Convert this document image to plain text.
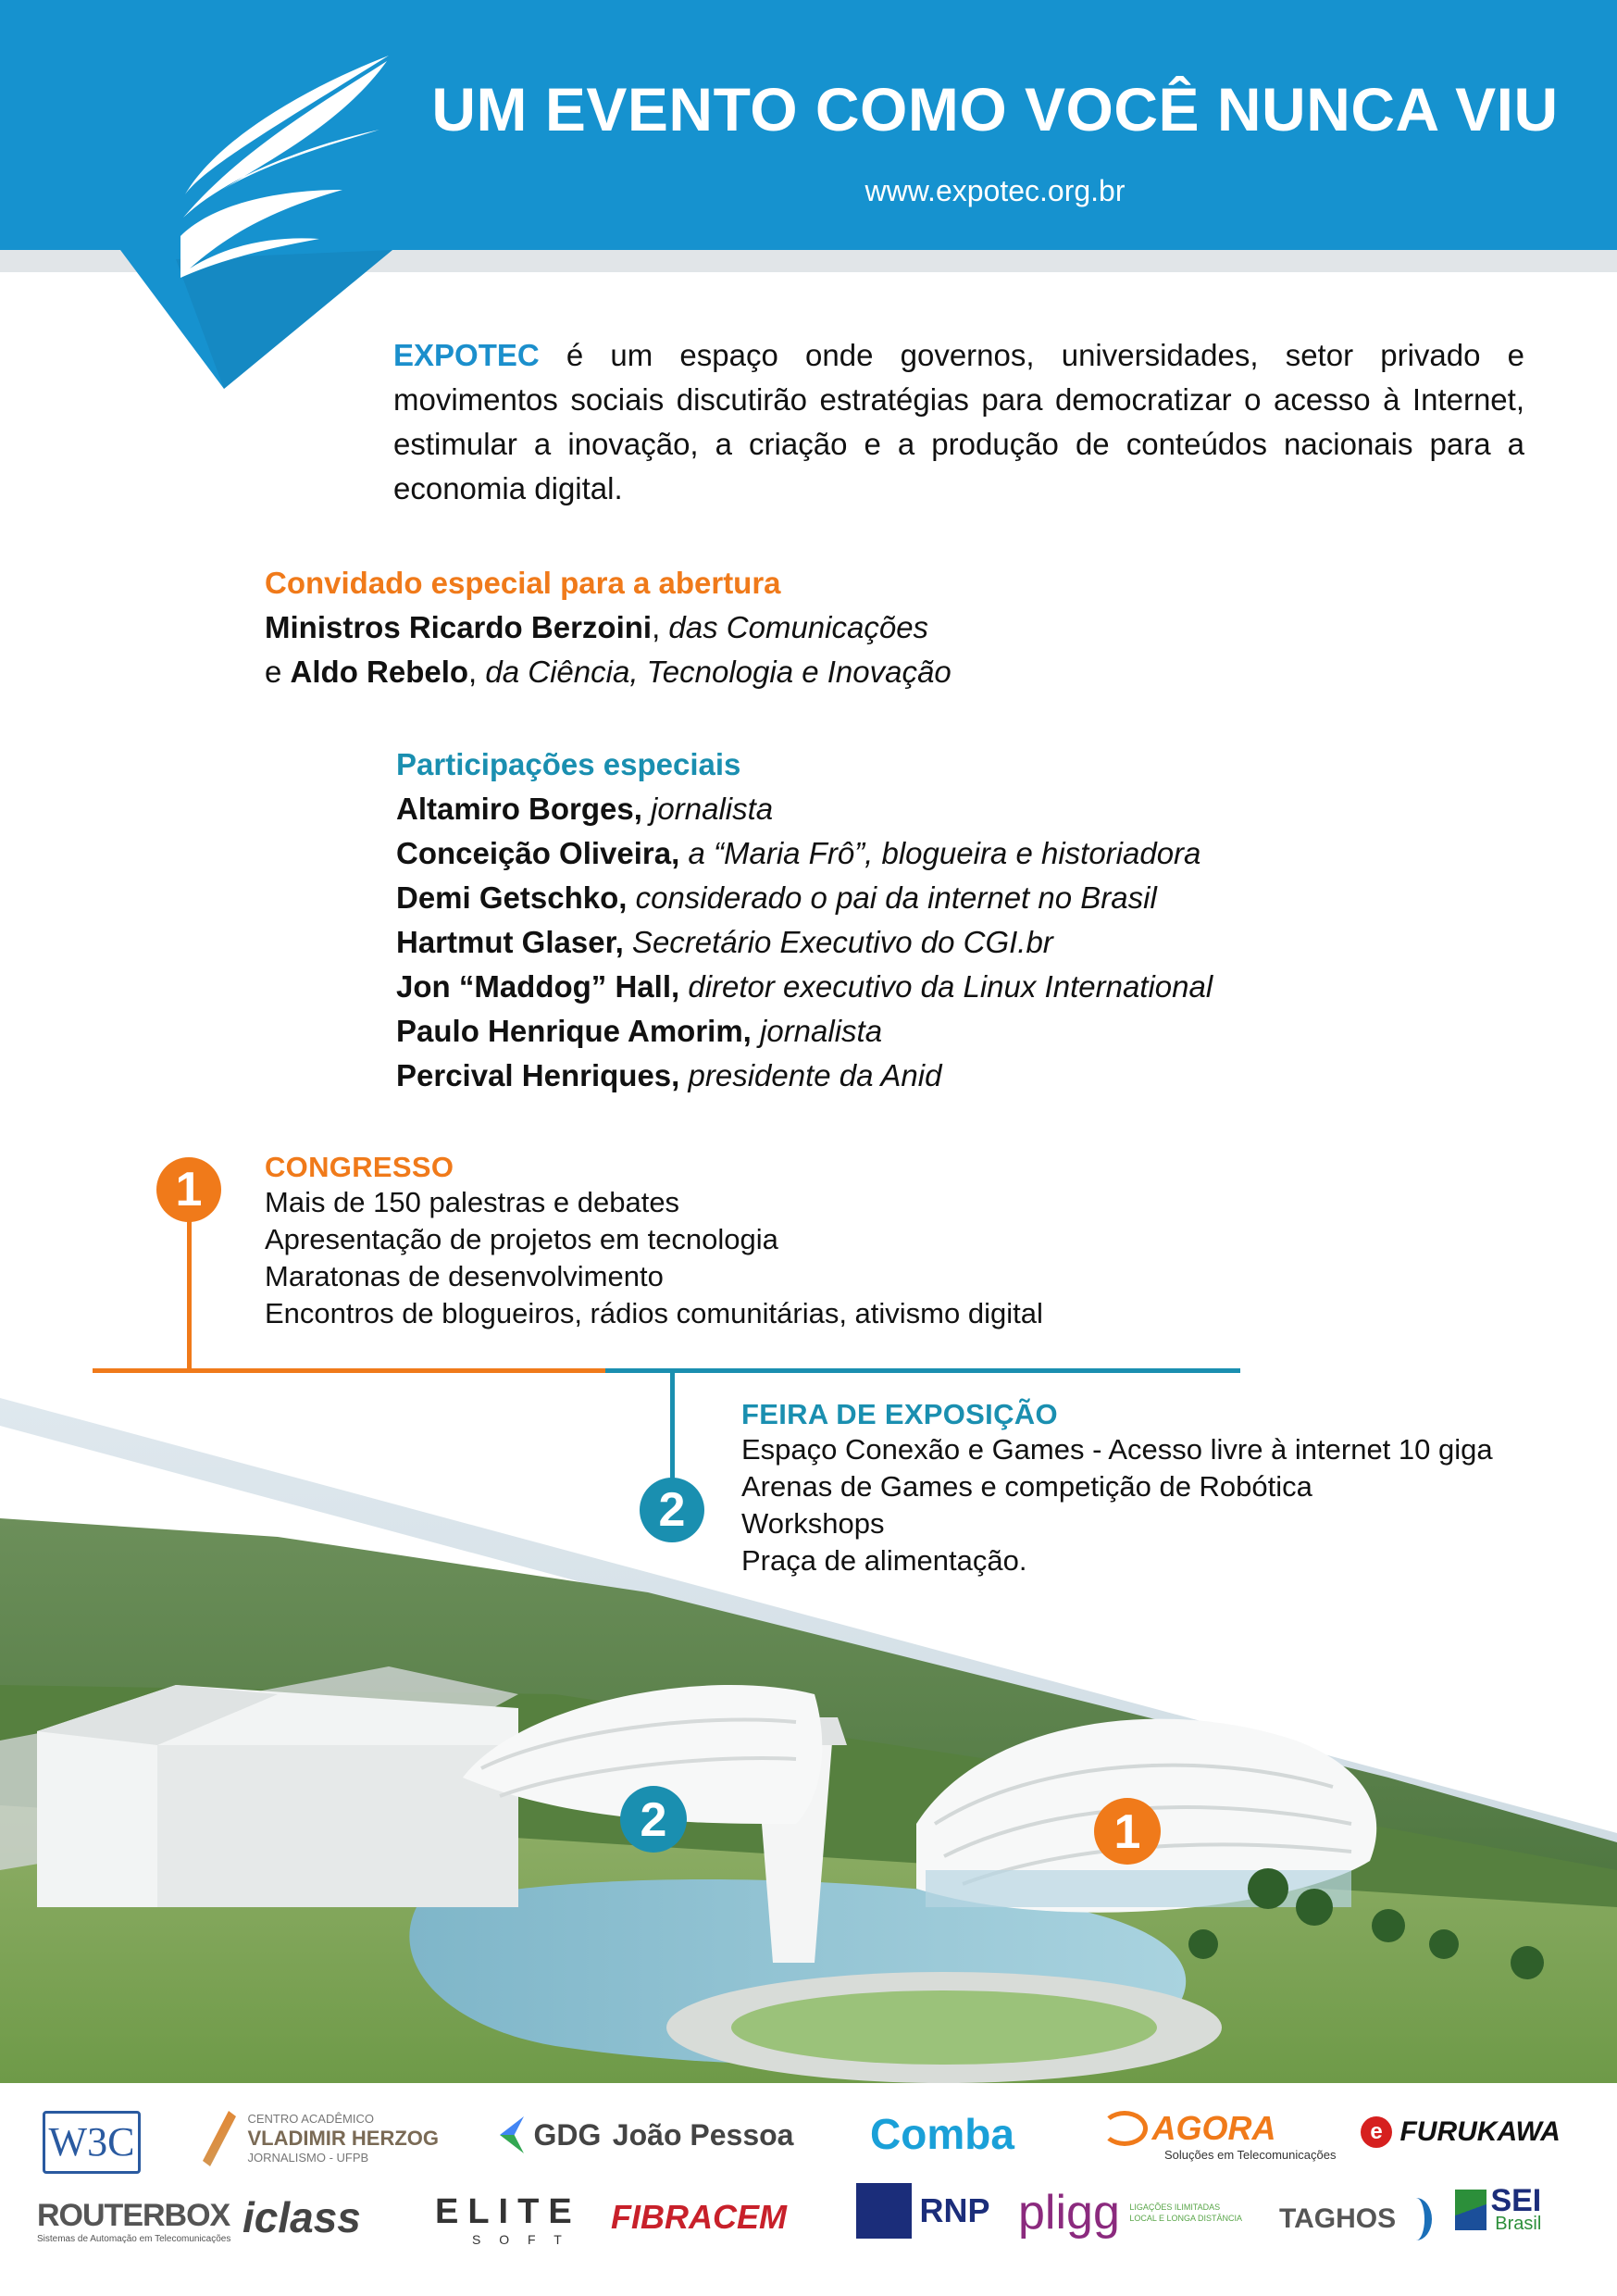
UM EVENTO COMO VOCÊ NUNCA VIU
www.expotec.org.br
EXPOTEC é um espaço onde governos, universidades, setor privado e movimentos sociais discutirão estratégias para democratizar o acesso à Internet, estimular a inovação, a criação e a produção de conteúdos nacionais para a economia digital.
Convidado especial para a abertura
Ministros Ricardo Berzoini, das Comunicações
e Aldo Rebelo, da Ciência, Tecnologia e Inovação
Participações especiais
Altamiro Borges, jornalista
Conceição Oliveira, a “Maria Frô”, blogueira e historiadora
Demi Getschko, considerado o pai da internet no Brasil
Hartmut Glaser, Secretário Executivo do CGI.br
Jon “Maddog” Hall, diretor executivo da Linux International
Paulo Henrique Amorim, jornalista
Percival Henriques, presidente da Anid
2	1
1
2
CONGRESSO
Mais de 150 palestras e debates
Apresentação de projetos em tecnologia
Maratonas de desenvolvimento
Encontros de blogueiros, rádios comunitárias, ativismo digital
FEIRA DE EXPOSIÇÃO
Espaço Conexão e Games - Acesso livre à internet 10 giga
Arenas de Games e competição de Robótica
Workshops
Praça de alimentação.
W3C

CENTRO ACADÊMICO
VLADIMIR HERZOG
JORNALISMO - UFPB
GDG João Pessoa Comba	AGORA
Soluções em Telecomunicações
e FURUKAWA
ROUTERBOX
Sistemas de Automação em Telecomunicações iclass ELITE
S O F T
FIBRACEM	RNP pligg LIGAÇÕES ILIMITADAS
LOCAL E LONGA DISTÂNCIA TAGHOS

SEI
Brasil
